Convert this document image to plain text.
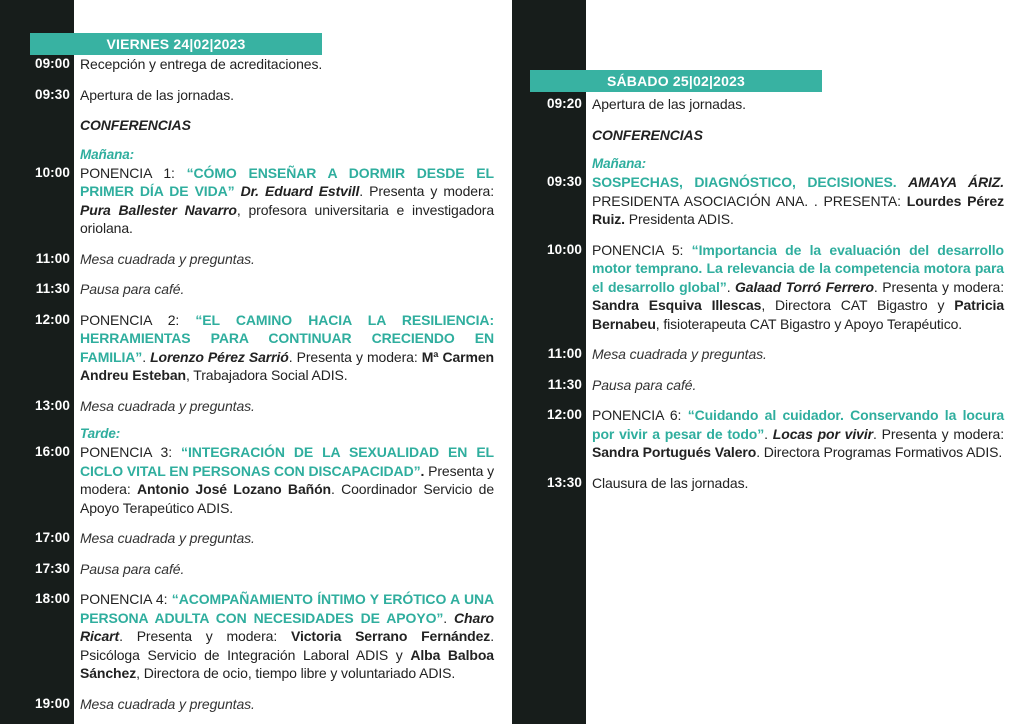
VIERNES 24|02|2023
SÁBADO 25|02|2023
09:00 Recepción y entrega de acreditaciones.
09:30 Apertura de las jornadas.
CONFERENCIAS
Mañana:
10:00 PONENCIA 1: “CÓMO ENSEÑAR A DORMIR DESDE EL PRIMER DÍA DE VIDA” Dr. Eduard Estvill. Presenta y modera: Pura Ballester Navarro, profesora universitaria e investigadora oriolana.
11:00 Mesa cuadrada y preguntas.
11:30 Pausa para café.
12:00 PONENCIA 2: “EL CAMINO HACIA LA RESILIENCIA: HERRAMIENTAS PARA CONTINUAR CRECIENDO EN FAMILIA”. Lorenzo Pérez Sarrió. Presenta y modera: Mª Carmen Andreu Esteban, Trabajadora Social ADIS.
13:00 Mesa cuadrada y preguntas.
Tarde:
16:00 PONENCIA 3: “INTEGRACIÓN DE LA SEXUALIDAD EN EL CICLO VITAL EN PERSONAS CON DISCAPACIDAD”. Presenta y modera: Antonio José Lozano Bañón. Coordinador Servicio de Apoyo Terapeútico ADIS.
17:00 Mesa cuadrada y preguntas.
17:30 Pausa para café.
18:00 PONENCIA 4: “ACOMPAÑAMIENTO ÍNTIMO Y ERÓTICO A UNA PERSONA ADULTA CON NECESIDADES DE APOYO”. Charo Ricart. Presenta y modera: Victoria Serrano Fernández. Psicóloga Servicio de Integración Laboral ADIS y Alba Balboa Sánchez, Directora de ocio, tiempo libre y voluntariado ADIS.
19:00 Mesa cuadrada y preguntas.
09:20 Apertura de las jornadas.
CONFERENCIAS
Mañana:
09:30 SOSPECHAS, DIAGNÓSTICO, DECISIONES. AMAYA ÁRIZ. PRESIDENTA ASOCIACIÓN ANA. . PRESENTA: Lourdes Pérez Ruiz. Presidenta ADIS.
10:00 PONENCIA 5: “Importancia de la evaluación del desarrollo motor temprano. La relevancia de la competencia motora para el desarrollo global”. Galaad Torró Ferrero. Presenta y modera: Sandra Esquiva Illescas, Directora CAT Bigastro y Patricia Bernabeu, fisioterapeuta CAT Bigastro y Apoyo Terapéutico.
11:00 Mesa cuadrada y preguntas.
11:30 Pausa para café.
12:00 PONENCIA 6: “Cuidando al cuidador. Conservando la locura por vivir a pesar de todo”. Locas por vivir. Presenta y modera: Sandra Portugués Valero. Directora Programas Formativos ADIS.
13:30 Clausura de las jornadas.
